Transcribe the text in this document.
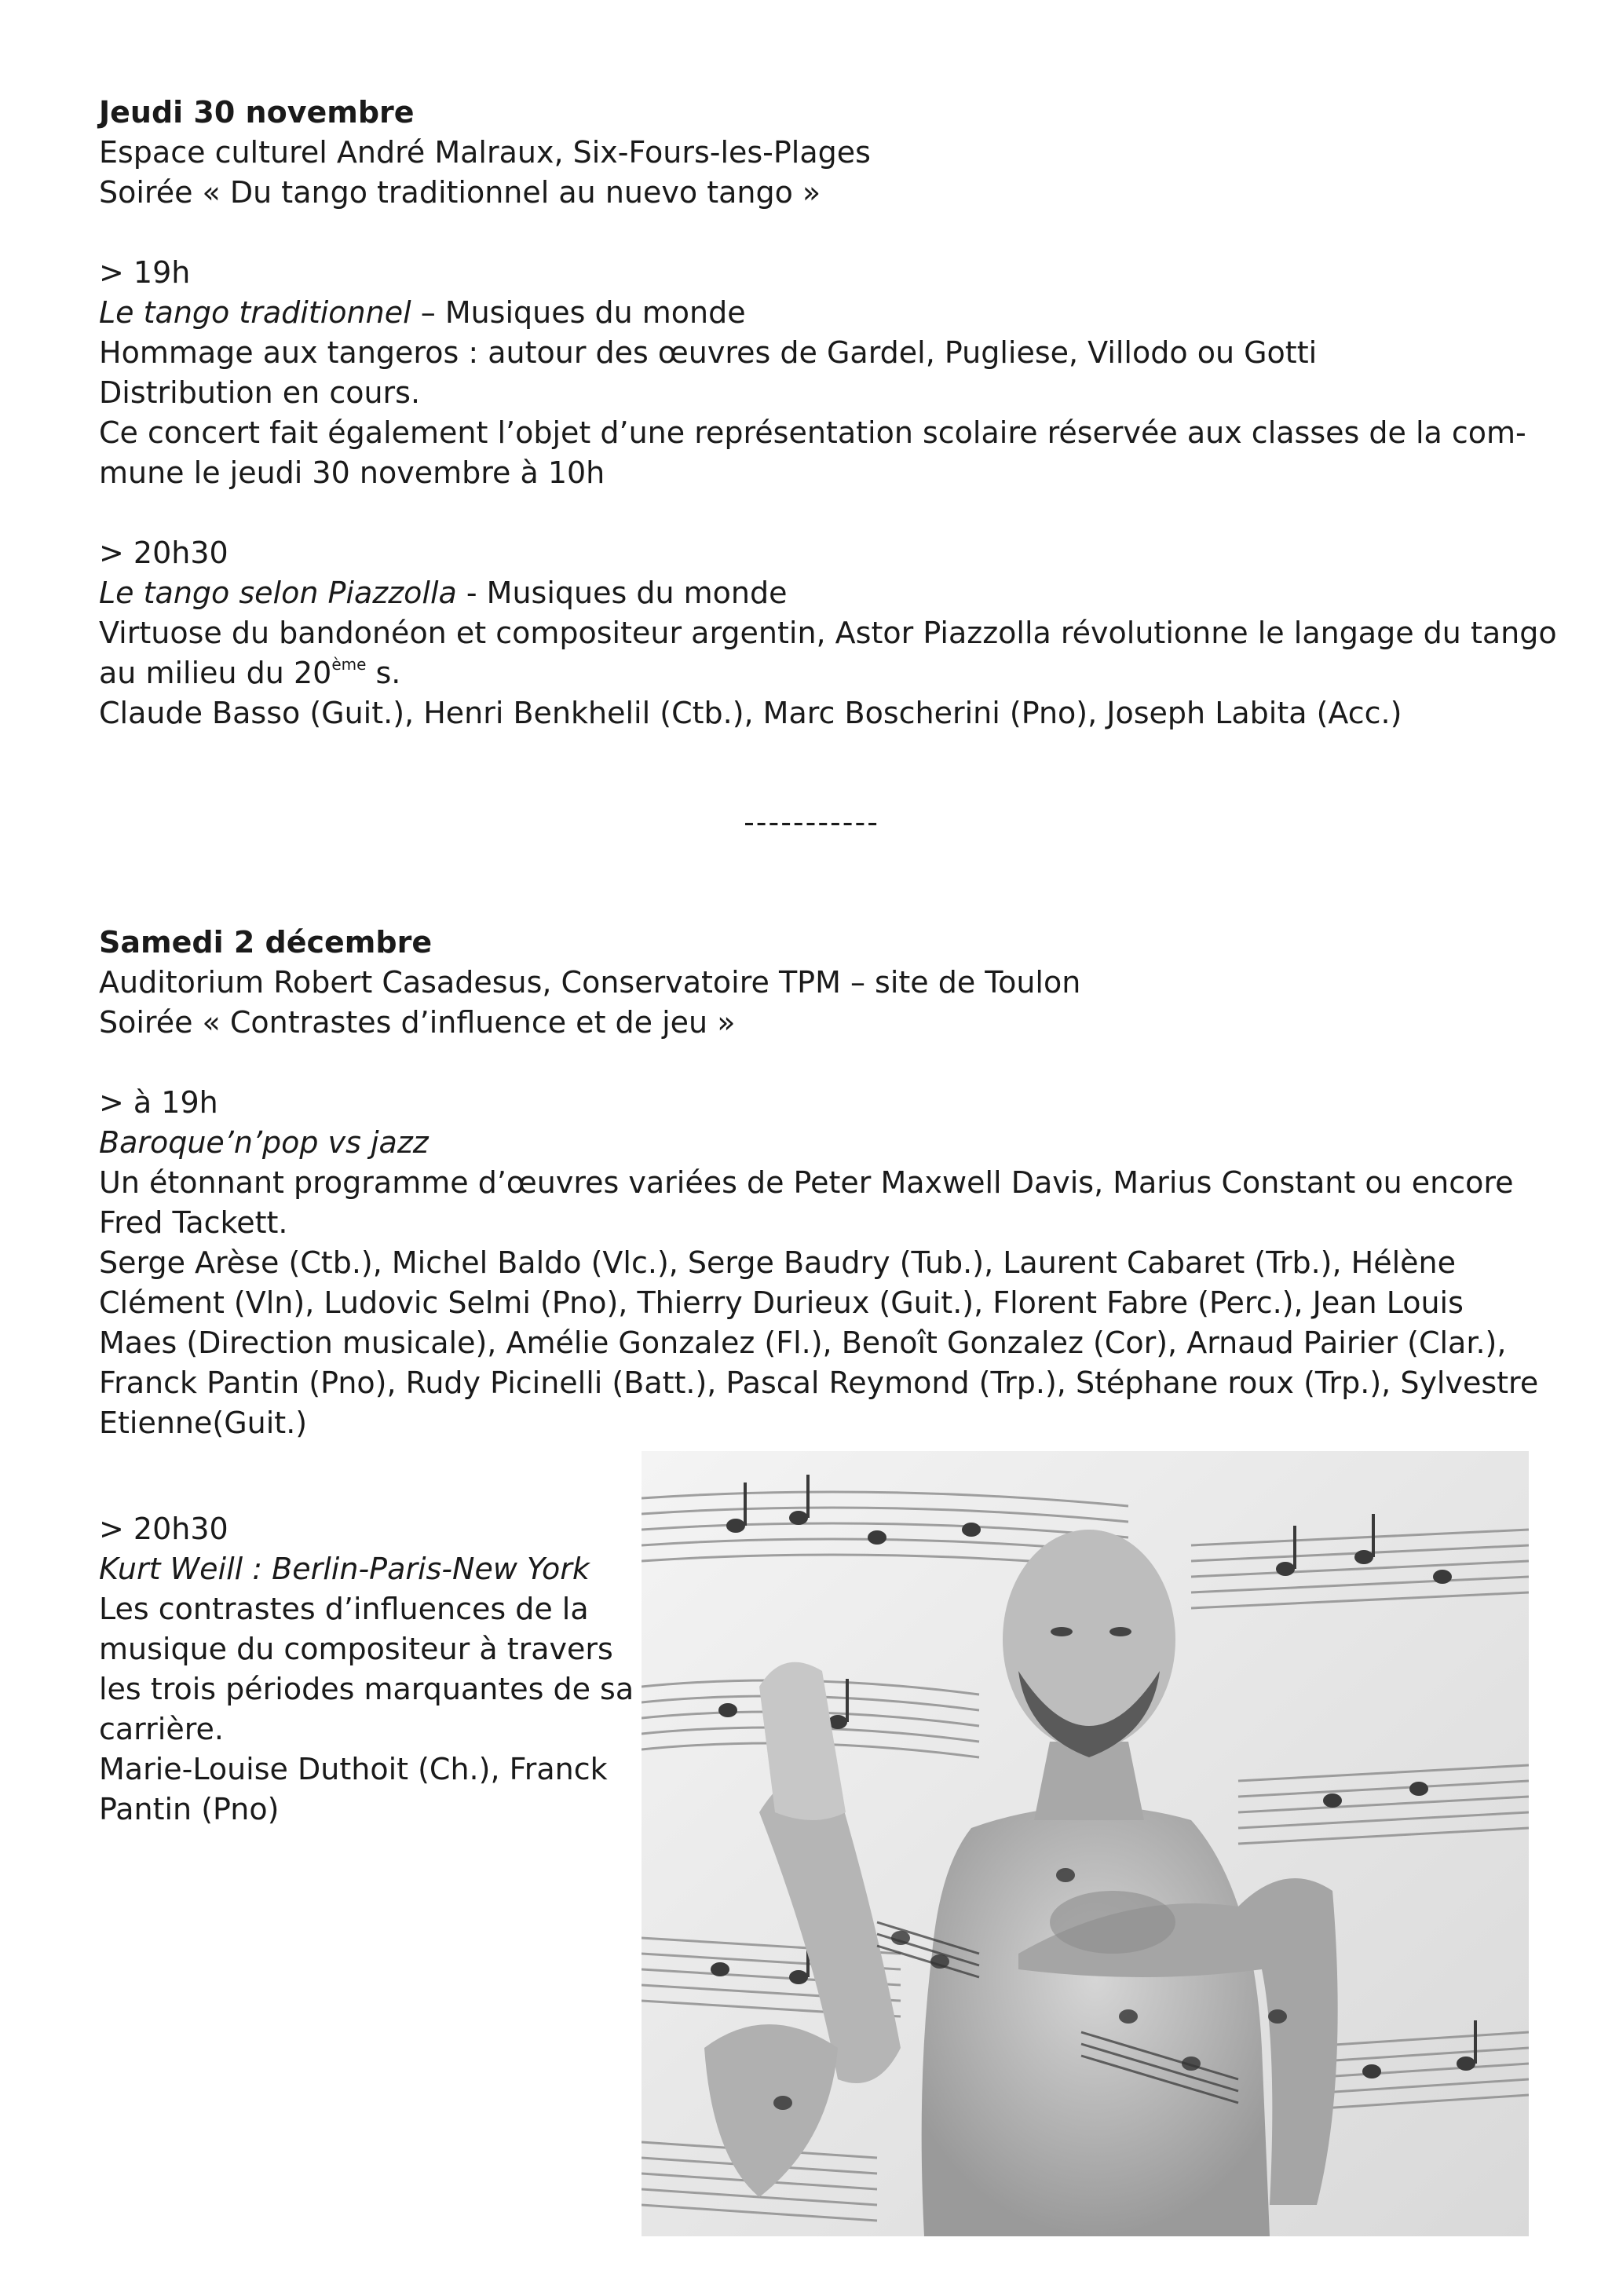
Jeudi 30 novembre
Espace culturel André Malraux, Six-Fours-les-Plages
Soirée « Du tango traditionnel au nuevo tango »
> 19h
Le tango traditionnel – Musiques du monde
Hommage aux tangeros : autour des œuvres de Gardel, Pugliese, Villodo ou Gotti
Distribution en cours.
Ce concert fait également l’objet d’une représentation scolaire réservée aux classes de la com-
mune le jeudi 30 novembre à 10h
> 20h30
Le tango selon Piazzolla - Musiques du monde
Virtuose du bandonéon et compositeur argentin, Astor Piazzolla révolutionne le langage du tango
au milieu du 20ème s.
Claude Basso (Guit.), Henri Benkhelil (Ctb.), Marc Boscherini (Pno), Joseph Labita (Acc.)
-----------
Samedi 2 décembre
Auditorium Robert Casadesus, Conservatoire TPM – site de Toulon
Soirée « Contrastes d’influence et de jeu »
> à 19h
Baroque’n’pop vs jazz
Un étonnant programme d’œuvres variées de Peter Maxwell Davis, Marius Constant ou encore
Fred Tackett.
Serge Arèse (Ctb.), Michel Baldo (Vlc.), Serge Baudry (Tub.), Laurent Cabaret (Trb.), Hélène
Clément (Vln), Ludovic Selmi (Pno), Thierry Durieux (Guit.), Florent Fabre (Perc.), Jean Louis
Maes (Direction musicale), Amélie Gonzalez (Fl.), Benoît Gonzalez (Cor), Arnaud Pairier (Clar.),
Franck Pantin (Pno), Rudy Picinelli (Batt.), Pascal Reymond (Trp.), Stéphane roux (Trp.), Sylvestre
Etienne(Guit.)
> 20h30
Kurt Weill : Berlin-Paris-New York
Les contrastes d’influences de la
musique du compositeur à travers
les trois périodes marquantes de sa
carrière.
Marie-Louise Duthoit (Ch.), Franck
Pantin (Pno)
